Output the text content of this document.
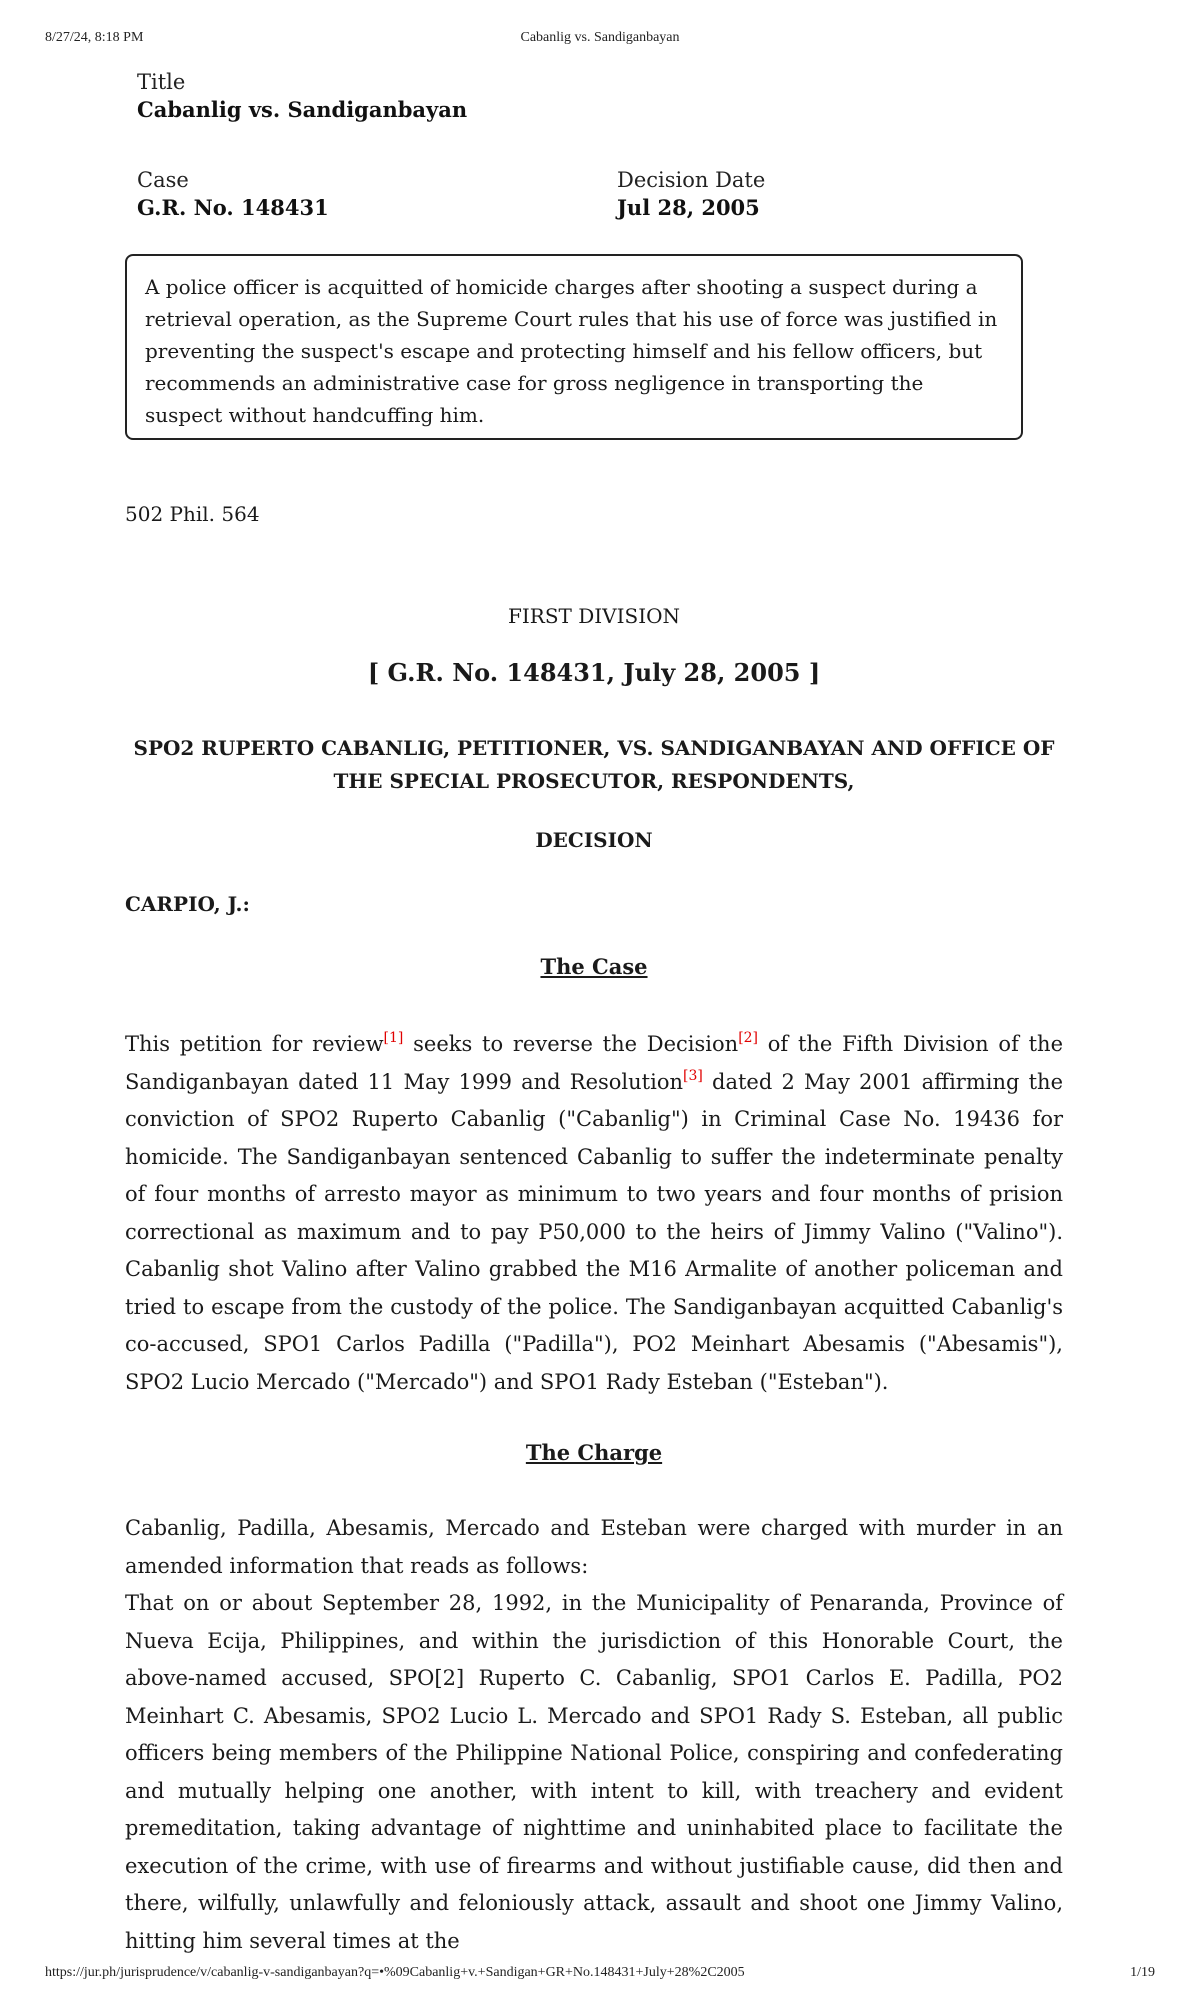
8/27/24, 8:18 PM	Cabanlig vs. Sandiganbayan
Title
Cabanlig vs. Sandiganbayan
Case
G.R. No. 148431
Decision Date
Jul 28, 2005
A police officer is acquitted of homicide charges after shooting a suspect during a retrieval operation, as the Supreme Court rules that his use of force was justified in preventing the suspect's escape and protecting himself and his fellow officers, but recommends an administrative case for gross negligence in transporting the suspect without handcuffing him.
502 Phil. 564
FIRST DIVISION
[ G.R. No. 148431, July 28, 2005 ]
SPO2 RUPERTO CABANLIG, PETITIONER, VS. SANDIGANBAYAN AND OFFICE OF THE SPECIAL PROSECUTOR, RESPONDENTS,
DECISION
CARPIO, J.:
The Case
This petition for review[1] seeks to reverse the Decision[2] of the Fifth Division of the Sandiganbayan dated 11 May 1999 and Resolution[3] dated 2 May 2001 affirming the conviction of SPO2 Ruperto Cabanlig ("Cabanlig") in Criminal Case No. 19436 for homicide. The Sandiganbayan sentenced Cabanlig to suffer the indeterminate penalty of four months of arresto mayor as minimum to two years and four months of prision correctional as maximum and to pay P50,000 to the heirs of Jimmy Valino ("Valino"). Cabanlig shot Valino after Valino grabbed the M16 Armalite of another policeman and tried to escape from the custody of the police. The Sandiganbayan acquitted Cabanlig's co-accused, SPO1 Carlos Padilla ("Padilla"), PO2 Meinhart Abesamis ("Abesamis"), SPO2 Lucio Mercado ("Mercado") and SPO1 Rady Esteban ("Esteban").
The Charge
Cabanlig, Padilla, Abesamis, Mercado and Esteban were charged with murder in an amended information that reads as follows:
That on or about September 28, 1992, in the Municipality of Penaranda, Province of Nueva Ecija, Philippines, and within the jurisdiction of this Honorable Court, the above-named accused, SPO[2] Ruperto C. Cabanlig, SPO1 Carlos E. Padilla, PO2 Meinhart C. Abesamis, SPO2 Lucio L. Mercado and SPO1 Rady S. Esteban, all public officers being members of the Philippine National Police, conspiring and confederating and mutually helping one another, with intent to kill, with treachery and evident premeditation, taking advantage of nighttime and uninhabited place to facilitate the execution of the crime, with use of firearms and without justifiable cause, did then and there, wilfully, unlawfully and feloniously attack, assault and shoot one Jimmy Valino, hitting him several times at the
https://jur.ph/jurisprudence/v/cabanlig-v-sandiganbayan?q=•%09Cabanlig+v.+Sandigan+GR+No.148431+July+28%2C2005	1/19
